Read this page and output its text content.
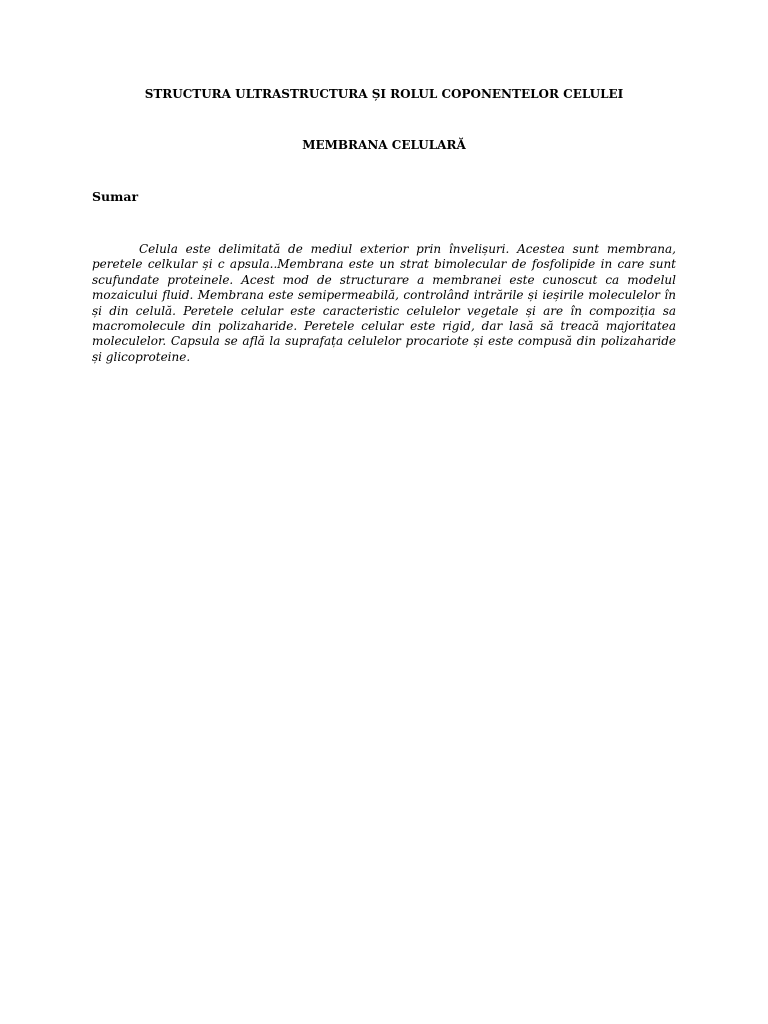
STRUCTURA ULTRASTRUCTURA ȘI ROLUL COPONENTELOR CELULEI
MEMBRANA CELULARĂ
Sumar

Celula este delimitată de mediul exterior prin învelișuri. Acestea sunt membrana, peretele celkular și c apsula..Membrana este un strat bimolecular de fosfolipide in care sunt scufundate proteinele. Acest mod de structurare a membranei este cunoscut ca modelul mozaicului fluid. Membrana este semipermeabilă, controlând intrările și ieșirile moleculelor în și din celulă. Peretele celular este caracteristic celulelor vegetale și are în compoziția sa macromolecule din polizaharide. Peretele celular este rigid, dar lasă să treacă majoritatea moleculelor. Capsula se află la suprafața celulelor procariote și este compusă din polizaharide și glicoproteine.
